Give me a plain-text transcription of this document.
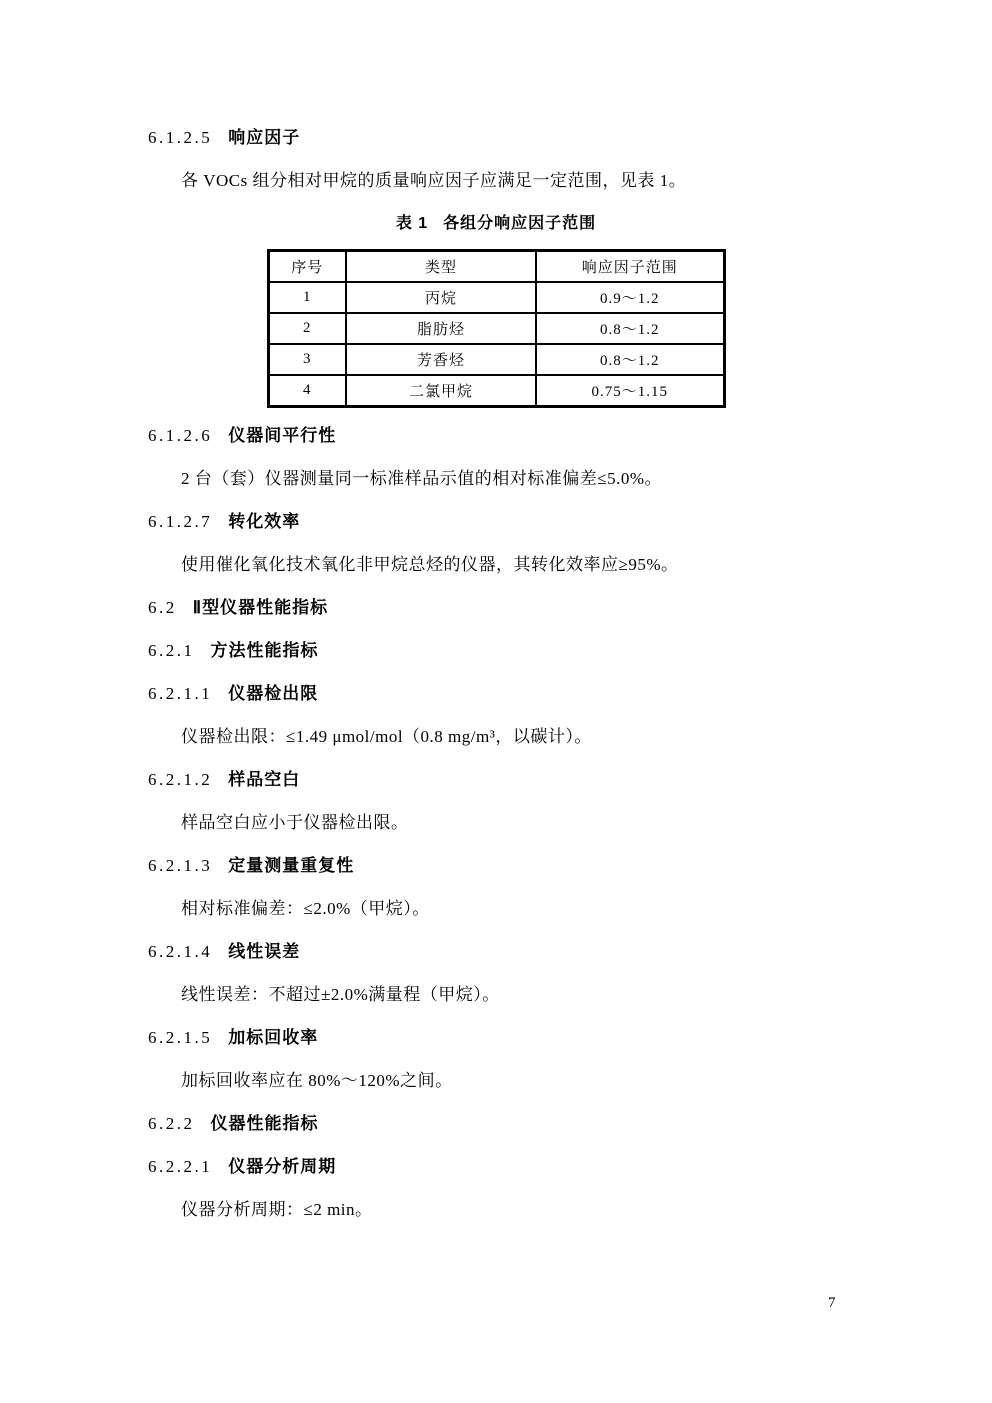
6.1.2.5 响应因子
各 VOCs 组分相对甲烷的质量响应因子应满足一定范围，见表 1。
表 1 各组分响应因子范围
序号	类型	响应因子范围
1	丙烷	0.9～1.2
2	脂肪烃	0.8～1.2
3	芳香烃	0.8～1.2
4	二氯甲烷	0.75～1.15
6.1.2.6 仪器间平行性
2 台（套）仪器测量同一标准样品示值的相对标准偏差≤5.0%。
6.1.2.7 转化效率
使用催化氧化技术氧化非甲烷总烃的仪器，其转化效率应≥95%。
6.2 Ⅱ型仪器性能指标
6.2.1 方法性能指标
6.2.1.1 仪器检出限
仪器检出限：≤1.49 μmol/mol（0.8 mg/m³，以碳计）。
6.2.1.2 样品空白
样品空白应小于仪器检出限。
6.2.1.3 定量测量重复性
相对标准偏差：≤2.0%（甲烷）。
6.2.1.4 线性误差
线性误差：不超过±2.0%满量程（甲烷）。
6.2.1.5 加标回收率
加标回收率应在 80%～120%之间。
6.2.2 仪器性能指标
6.2.2.1 仪器分析周期
仪器分析周期：≤2 min。
7
